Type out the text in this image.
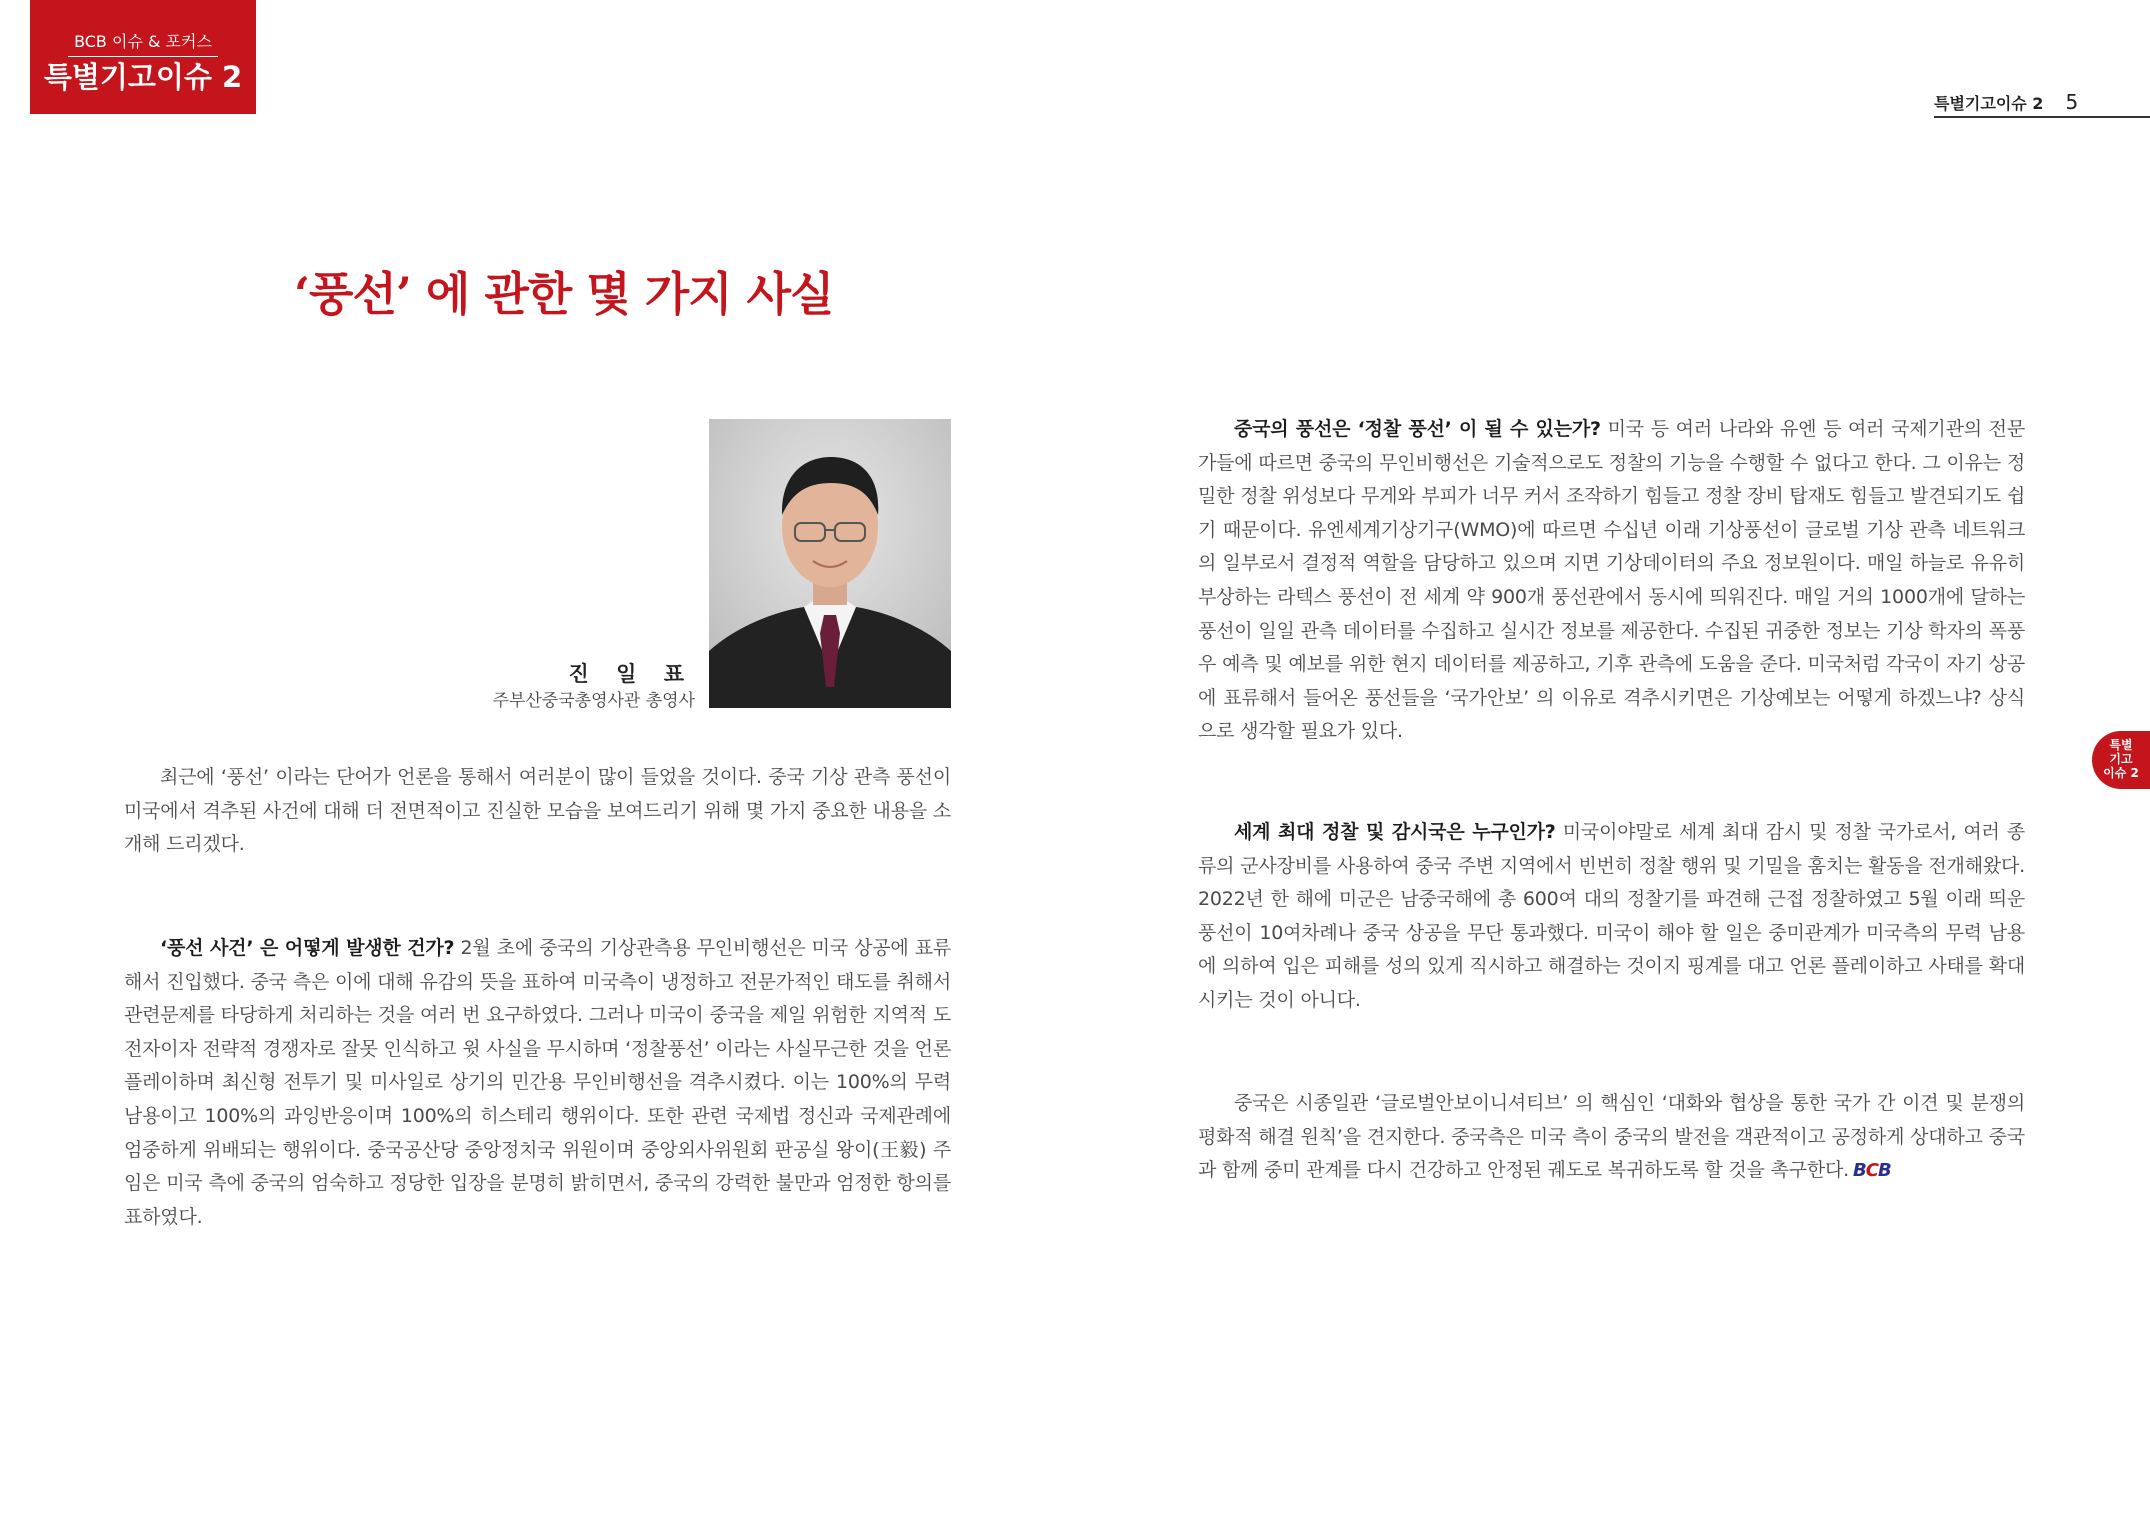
BCB 이슈 & 포커스
특별기고이슈 2
특별기고이슈 2 5
‘풍선’ 에 관한 몇 가지 사실
진 일 표
주부산중국총영사관 총영사

최근에 ‘풍선’ 이라는 단어가 언론을 통해서 여러분이 많이 들었을 것이다. 중국 기상 관측 풍선이 미국에서 격추된 사건에 대해 더 전면적이고 진실한 모습을 보여드리기 위해 몇 가지 중요한 내용을 소개해 드리겠다.

‘풍선 사건’ 은 어떻게 발생한 건가? 2월 초에 중국의 기상관측용 무인비행선은 미국 상공에 표류해서 진입했다. 중국 측은 이에 대해 유감의 뜻을 표하여 미국측이 냉정하고 전문가적인 태도를 취해서 관련문제를 타당하게 처리하는 것을 여러 번 요구하였다. 그러나 미국이 중국을 제일 위험한 지역적 도전자이자 전략적 경쟁자로 잘못 인식하고 윗 사실을 무시하며 ‘정찰풍선’ 이라는 사실무근한 것을 언론 플레이하며 최신형 전투기 및 미사일로 상기의 민간용 무인비행선을 격추시켰다. 이는 100%의 무력 남용이고 100%의 과잉반응이며 100%의 히스테리 행위이다. 또한 관련 국제법 정신과 국제관례에 엄중하게 위배되는 행위이다. 중국공산당 중앙정치국 위원이며 중앙외사위원회 판공실 왕이(王毅) 주임은 미국 측에 중국의 엄숙하고 정당한 입장을 분명히 밝히면서, 중국의 강력한 불만과 엄정한 항의를 표하였다.

중국의 풍선은 ‘정찰 풍선’ 이 될 수 있는가? 미국 등 여러 나라와 유엔 등 여러 국제기관의 전문가들에 따르면 중국의 무인비행선은 기술적으로도 정찰의 기능을 수행할 수 없다고 한다. 그 이유는 정밀한 정찰 위성보다 무게와 부피가 너무 커서 조작하기 힘들고 정찰 장비 탑재도 힘들고 발견되기도 쉽기 때문이다. 유엔세계기상기구(WMO)에 따르면 수십년 이래 기상풍선이 글로벌 기상 관측 네트워크의 일부로서 결정적 역할을 담당하고 있으며 지면 기상데이터의 주요 정보원이다. 매일 하늘로 유유히 부상하는 라텍스 풍선이 전 세계 약 900개 풍선관에서 동시에 띄워진다. 매일 거의 1000개에 달하는 풍선이 일일 관측 데이터를 수집하고 실시간 정보를 제공한다. 수집된 귀중한 정보는 기상 학자의 폭풍우 예측 및 예보를 위한 현지 데이터를 제공하고, 기후 관측에 도움을 준다. 미국처럼 각국이 자기 상공에 표류해서 들어온 풍선들을 ‘국가안보’ 의 이유로 격추시키면은 기상예보는 어떻게 하겠느냐? 상식으로 생각할 필요가 있다.

세계 최대 정찰 및 감시국은 누구인가? 미국이야말로 세계 최대 감시 및 정찰 국가로서, 여러 종류의 군사장비를 사용하여 중국 주변 지역에서 빈번히 정찰 행위 및 기밀을 훔치는 활동을 전개해왔다. 2022년 한 해에 미군은 남중국해에 총 600여 대의 정찰기를 파견해 근접 정찰하였고 5월 이래 띄운 풍선이 10여차례나 중국 상공을 무단 통과했다. 미국이 해야 할 일은 중미관계가 미국측의 무력 남용에 의하여 입은 피해를 성의 있게 직시하고 해결하는 것이지 핑계를 대고 언론 플레이하고 사태를 확대시키는 것이 아니다.

중국은 시종일관 ‘글로벌안보이니셔티브’ 의 핵심인 ‘대화와 협상을 통한 국가 간 이견 및 분쟁의 평화적 해결 원칙’을 견지한다. 중국측은 미국 측이 중국의 발전을 객관적이고 공정하게 상대하고 중국과 함께 중미 관계를 다시 건강하고 안정된 궤도로 복귀하도록 할 것을 촉구한다. BCB

특별
기고
이슈 2
